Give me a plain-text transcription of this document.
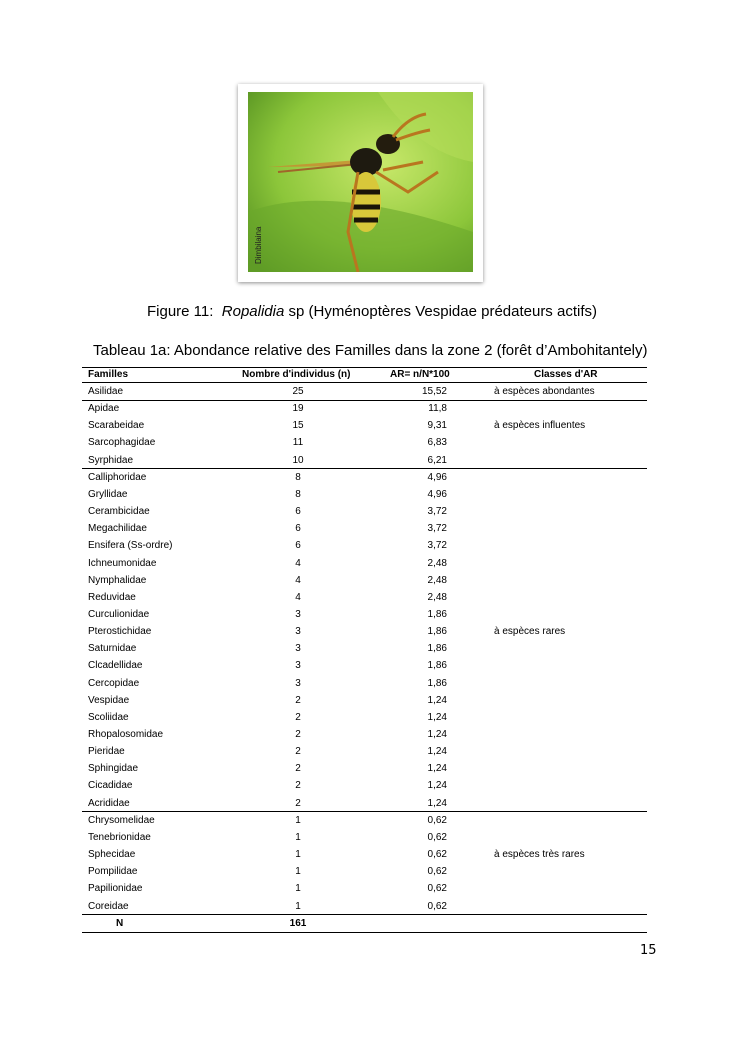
Dimbilaina
Figure 11: Ropalidia sp (Hyménoptères Vespidae prédateurs actifs)
Tableau 1a: Abondance relative des Familles dans la zone 2 (forêt d’Ambohitantely)
Familles	Nombre d'individus (n)	AR= n/N*100	Classes d'AR
Asilidae	25	15,52	à espèces abondantes
Apidae	19	11,8
Scarabeidae	15	9,31	à espèces influentes
Sarcophagidae	11	6,83
Syrphidae	10	6,21
Calliphoridae	8	4,96
Gryllidae	8	4,96
Cerambicidae	6	3,72
Megachilidae	6	3,72
Ensifera (Ss-ordre)	6	3,72
Ichneumonidae	4	2,48
Nymphalidae	4	2,48
Reduvidae	4	2,48
Curculionidae	3	1,86
Pterostichidae	3	1,86	à espèces rares
Saturnidae	3	1,86
Clcadellidae	3	1,86
Cercopidae	3	1,86
Vespidae	2	1,24
Scoliidae	2	1,24
Rhopalosomidae	2	1,24
Pieridae	2	1,24
Sphingidae	2	1,24
Cicadidae	2	1,24
Acrididae	2	1,24
Chrysomelidae	1	0,62
Tenebrionidae	1	0,62
Sphecidae	1	0,62	à espèces très rares
Pompilidae	1	0,62
Papilionidae	1	0,62
Coreidae	1	0,62
N	161
15
